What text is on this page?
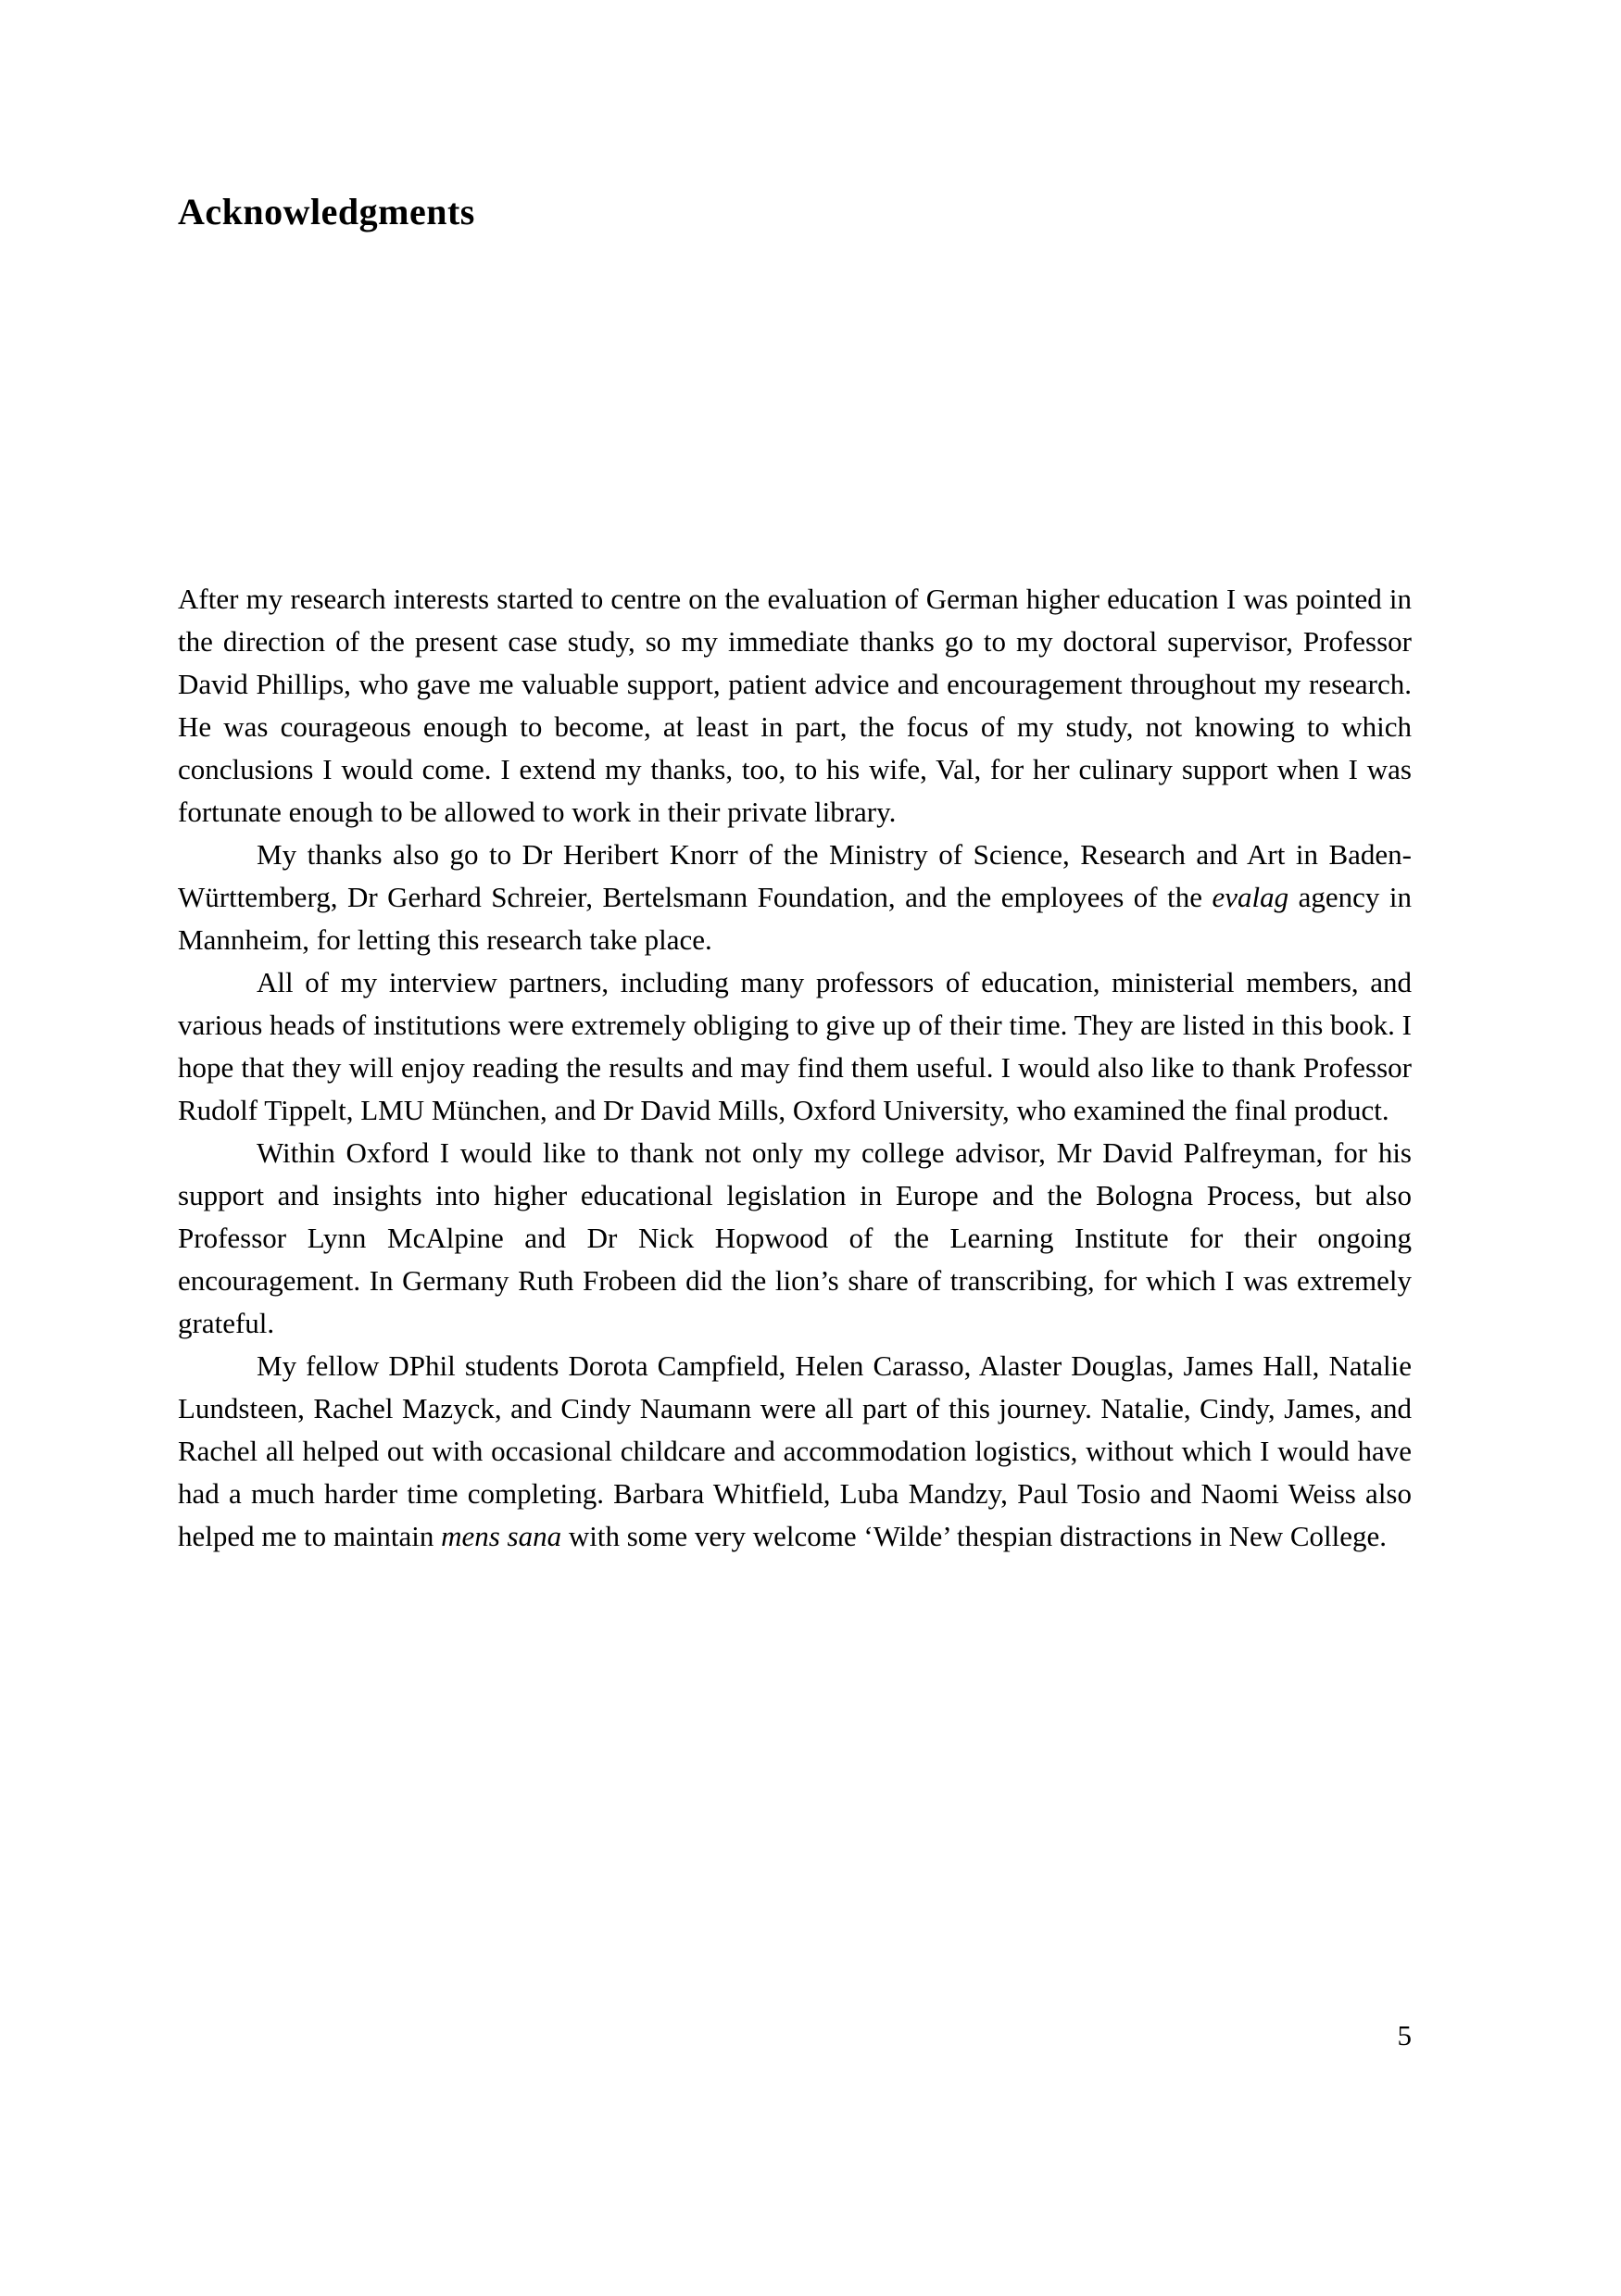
Acknowledgments

After my research interests started to centre on the evaluation of German higher education I was pointed in the direction of the present case study, so my immediate thanks go to my doctoral supervisor, Professor David Phillips, who gave me valuable support, patient advice and encouragement throughout my research. He was courageous enough to become, at least in part, the focus of my study, not knowing to which conclusions I would come. I extend my thanks, too, to his wife, Val, for her culinary support when I was fortunate enough to be allowed to work in their private library.

My thanks also go to Dr Heribert Knorr of the Ministry of Science, Research and Art in Baden-Württemberg, Dr Gerhard Schreier, Bertelsmann Foundation, and the employees of the evalag agency in Mannheim, for letting this research take place.

All of my interview partners, including many professors of education, ministerial members, and various heads of institutions were extremely obliging to give up of their time. They are listed in this book. I hope that they will enjoy reading the results and may find them useful. I would also like to thank Professor Rudolf Tippelt, LMU München, and Dr David Mills, Oxford University, who examined the final product.

Within Oxford I would like to thank not only my college advisor, Mr David Palfreyman, for his support and insights into higher educational legislation in Europe and the Bologna Process, but also Professor Lynn McAlpine and Dr Nick Hopwood of the Learning Institute for their ongoing encouragement. In Germany Ruth Frobeen did the lion’s share of transcribing, for which I was extremely grateful.

My fellow DPhil students Dorota Campfield, Helen Carasso, Alaster Douglas, James Hall, Natalie Lundsteen, Rachel Mazyck, and Cindy Naumann were all part of this journey. Natalie, Cindy, James, and Rachel all helped out with occasional childcare and accommodation logistics, without which I would have had a much harder time completing. Barbara Whitfield, Luba Mandzy, Paul Tosio and Naomi Weiss also helped me to maintain mens sana with some very welcome ‘Wilde’ thespian distractions in New College.

5
